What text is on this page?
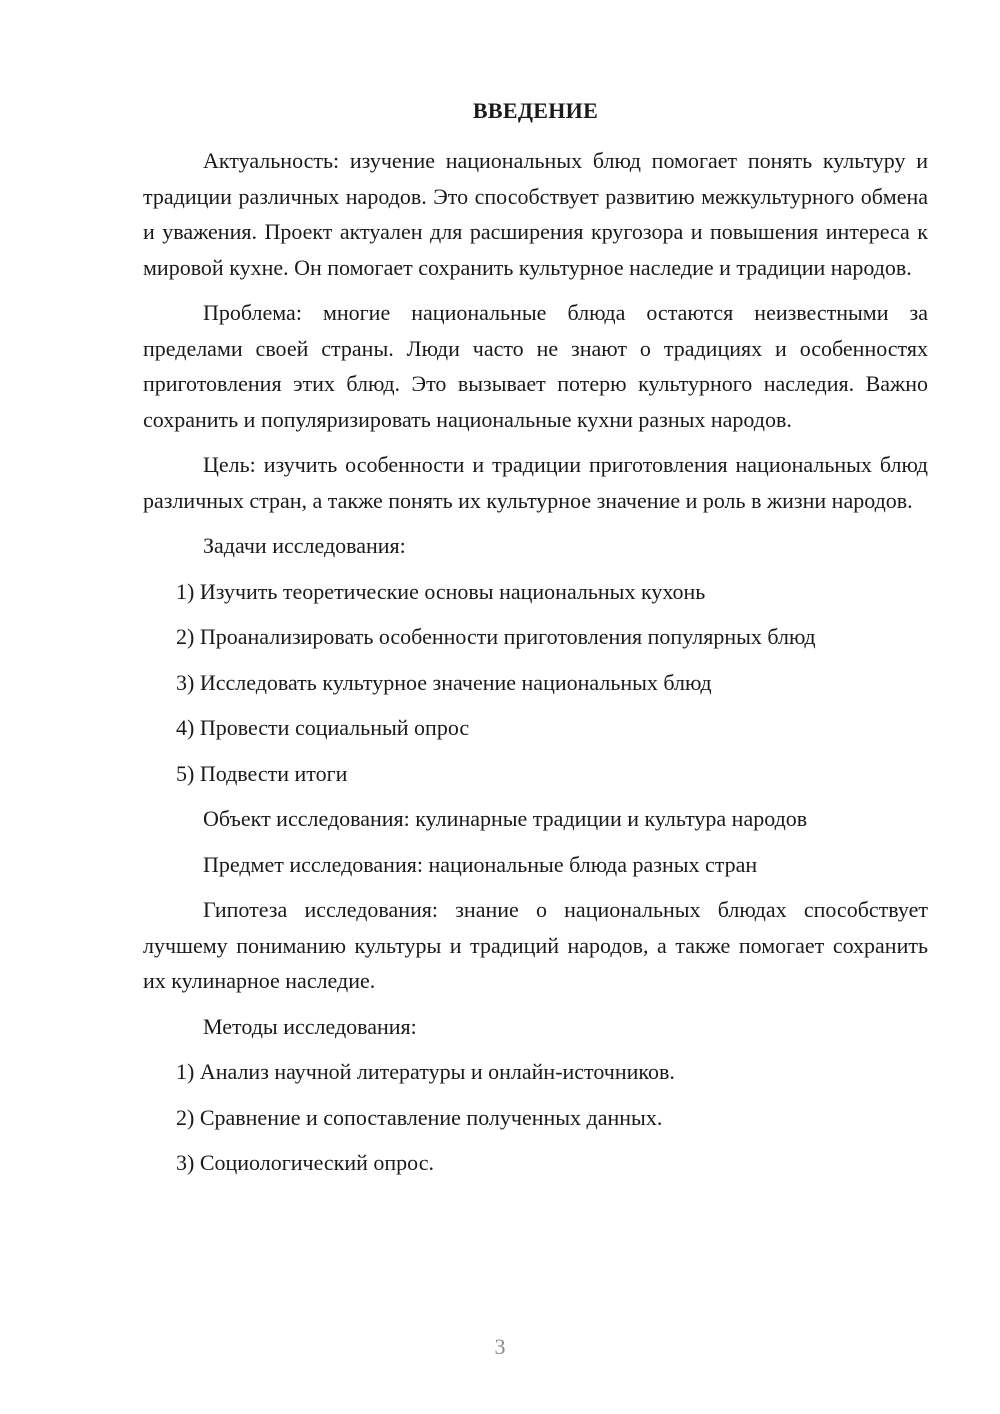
ВВЕДЕНИЕ

Актуальность: изучение национальных блюд помогает понять культуру и традиции различных народов. Это способствует развитию межкультурного обмена и уважения. Проект актуален для расширения кругозора и повышения интереса к мировой кухне. Он помогает сохранить культурное наследие и традиции народов.

Проблема: многие национальные блюда остаются неизвестными за пределами своей страны. Люди часто не знают о традициях и особенностях приготовления этих блюд. Это вызывает потерю культурного наследия. Важно сохранить и популяризировать национальные кухни разных народов.

Цель: изучить особенности и традиции приготовления национальных блюд различных стран, а также понять их культурное значение и роль в жизни народов.

Задачи исследования:
1) Изучить теоретические основы национальных кухонь
2) Проанализировать особенности приготовления популярных блюд
3) Исследовать культурное значение национальных блюд
4) Провести социальный опрос
5) Подвести итоги
Объект исследования: кулинарные традиции и культура народов
Предмет исследования: национальные блюда разных стран

Гипотеза исследования: знание о национальных блюдах способствует лучшему пониманию культуры и традиций народов, а также помогает сохранить их кулинарное наследие.

Методы исследования:
1) Анализ научной литературы и онлайн-источников.
2) Сравнение и сопоставление полученных данных.
3) Социологический опрос.
3
